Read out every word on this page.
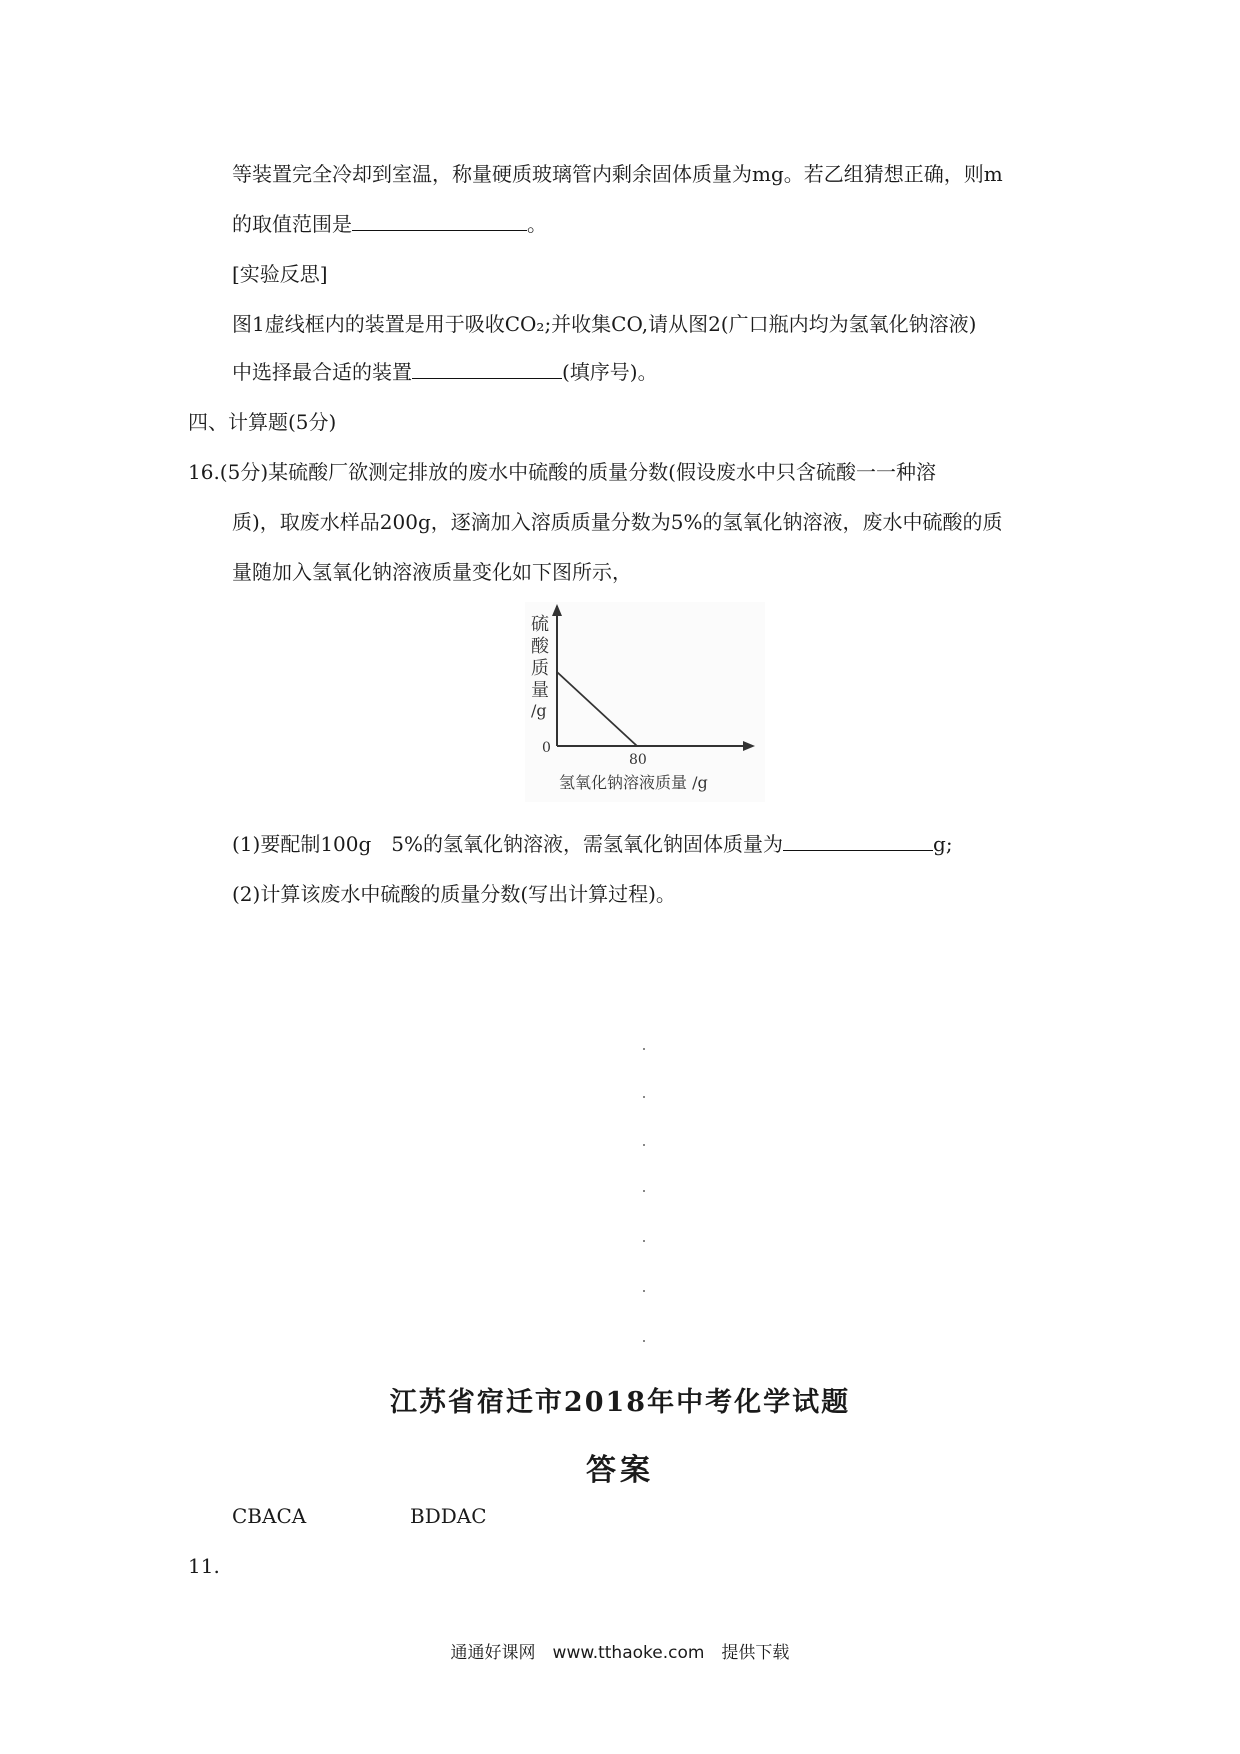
等装置完全冷却到室温，称量硬质玻璃管内剩余固体质量为mg。若乙组猜想正确，则m
的取值范围是	。
[实验反思]
图1虚线框内的装置是用于吸收CO₂;并收集CO,请从图2(广口瓶内均为氢氧化钠溶液)
中选择最合适的装置	(填序号)。
四、计算题(5分)
16.(5分)某硫酸厂欲测定排放的废水中硫酸的质量分数(假设废水中只含硫酸一一种溶
质)，取废水样品200g，逐滴加入溶质质量分数为5%的氢氧化钠溶液，废水中硫酸的质
量随加入氢氧化钠溶液质量变化如下图所示，
硫
酸
质
量
/g
0
80
氢氧化钠溶液质量 /g
(1)要配制100g　5%的氢氧化钠溶液，需氢氧化钠固体质量为	g;
(2)计算该废水中硫酸的质量分数(写出计算过程)。
江苏省宿迁市2018年中考化学试题
答案
CBACA	BDDAC
11.
通通好课网　www.tthaoke.com　提供下载
